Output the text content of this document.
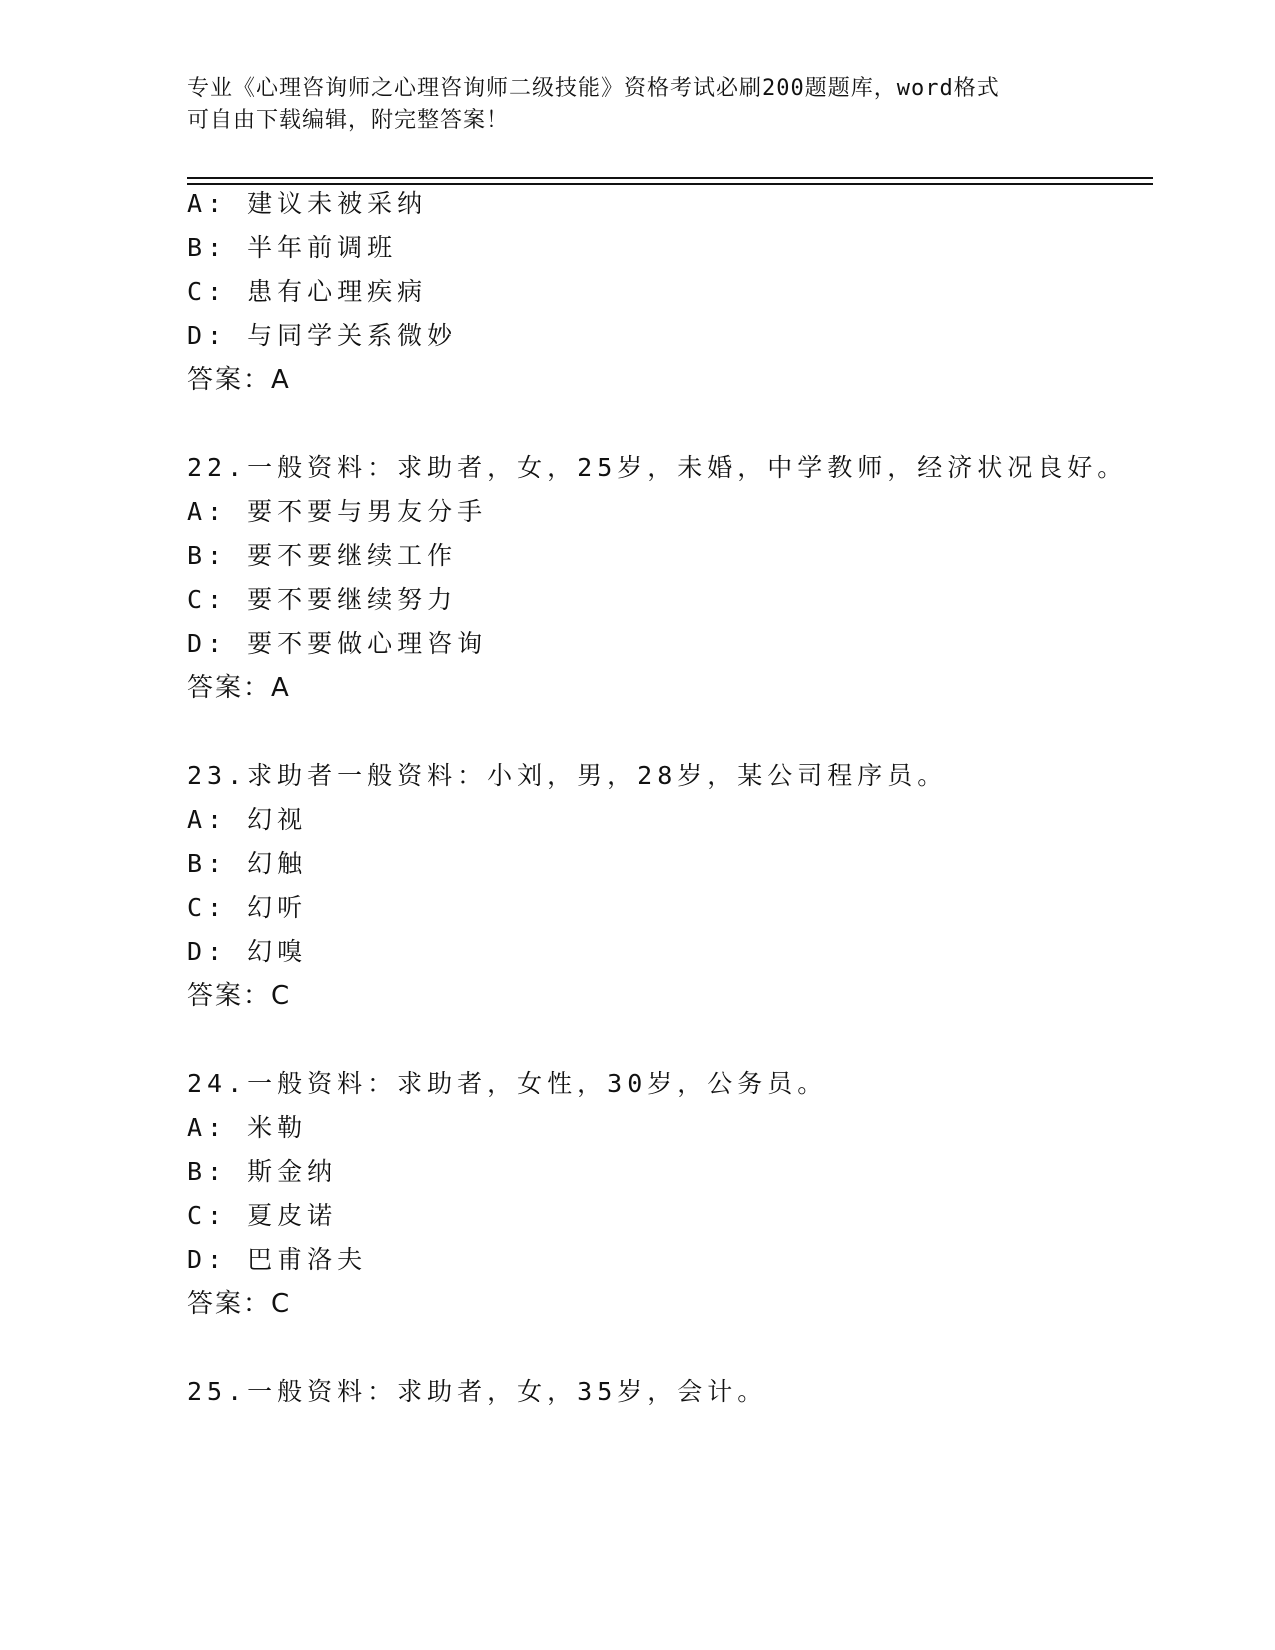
专业《心理咨询师之心理咨询师二级技能》资格考试必刷200题题库，word格式
可自由下载编辑，附完整答案！
A: 建议未被采纳
B: 半年前调班
C: 患有心理疾病
D: 与同学关系微妙
答案：A
22.一般资料：求助者，女，25岁，未婚，中学教师，经济状况良好。
A: 要不要与男友分手
B: 要不要继续工作
C: 要不要继续努力
D: 要不要做心理咨询
答案：A
23.求助者一般资料：小刘，男，28岁，某公司程序员。
A: 幻视
B: 幻触
C: 幻听
D: 幻嗅
答案：C
24.一般资料：求助者，女性，30岁，公务员。
A: 米勒
B: 斯金纳
C: 夏皮诺
D: 巴甫洛夫
答案：C
25.一般资料：求助者，女，35岁，会计。
